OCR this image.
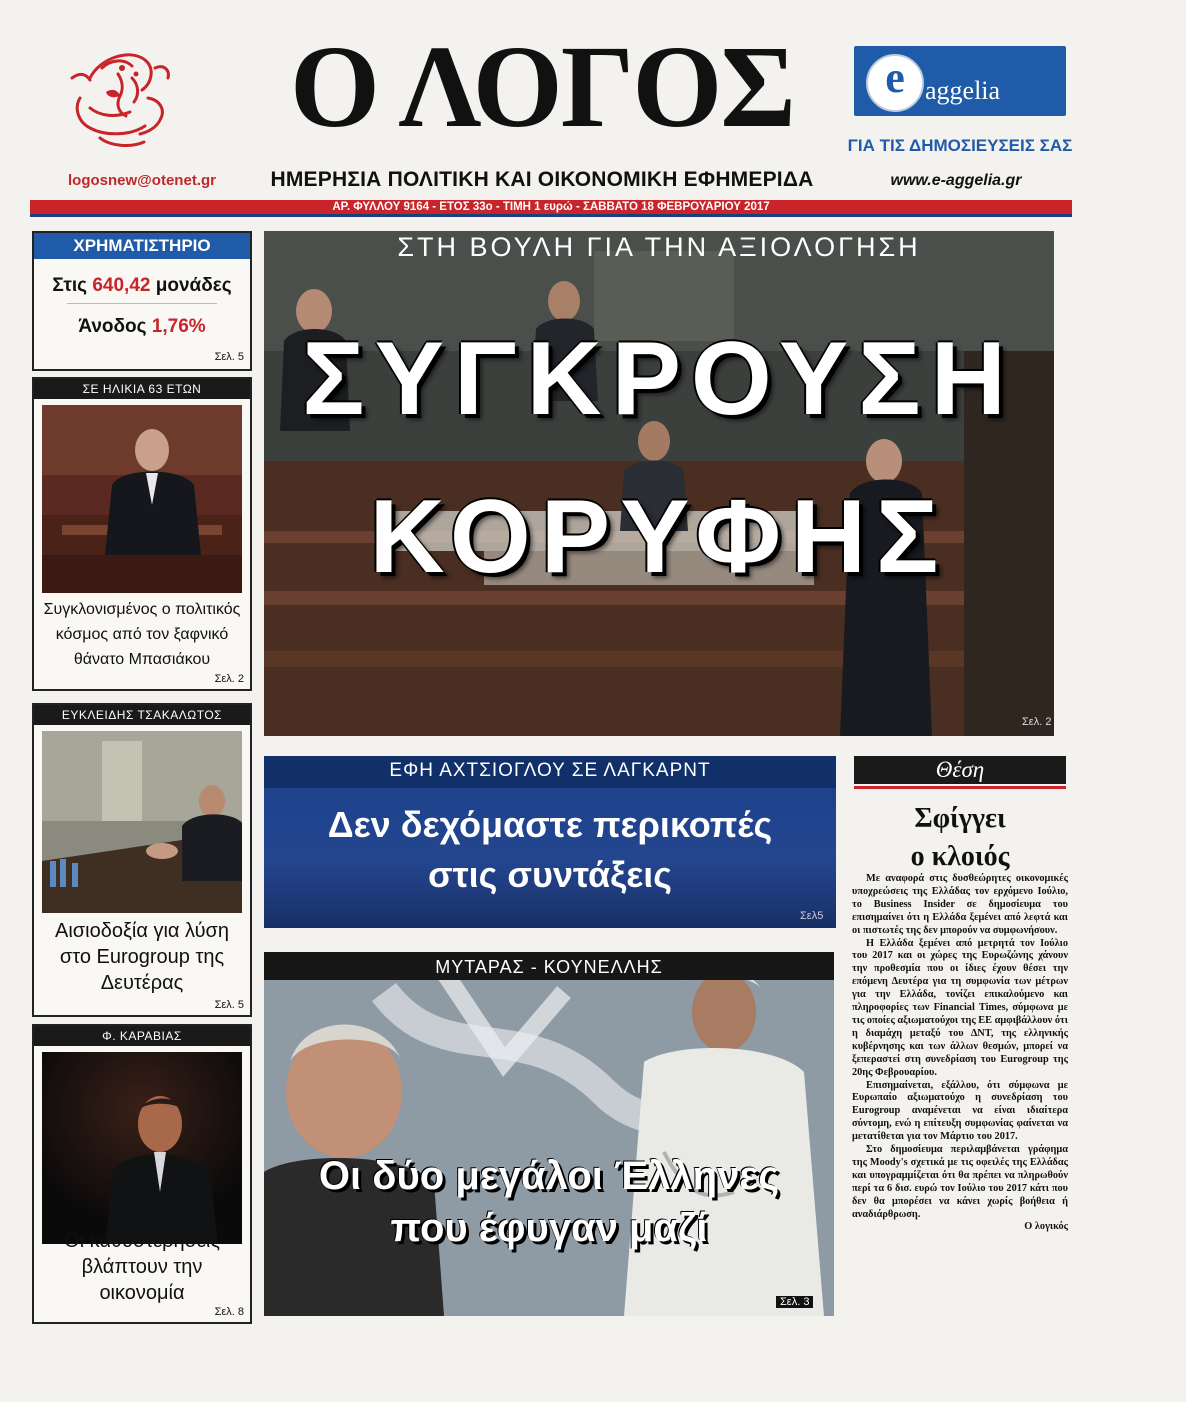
logosnew@otenet.gr
Ο ΛΟΓΟΣ
ΗΜΕΡΗΣΙΑ ΠΟΛΙΤΙΚΗ ΚΑΙ ΟΙΚΟΝΟΜΙΚΗ ΕΦΗΜΕΡΙΔΑ
e aggelia
ΓΙΑ ΤΙΣ ΔΗΜΟΣΙΕΥΣΕΙΣ ΣΑΣ
www.e-aggelia.gr
ΑΡ. ΦΥΛΛΟΥ 9164 - ΕΤΟΣ 33ο - ΤΙΜΗ 1 ευρώ - ΣΑΒΒΑΤΟ 18 ΦΕΒΡΟΥΑΡΙΟΥ 2017
ΧΡΗΜΑΤΙΣΤΗΡΙΟ
Στις 640,42 μονάδες
Άνοδος 1,76%
Σελ. 5
ΣΕ ΗΛΙΚΙΑ 63 ΕΤΩΝ
Συγκλονισμένος ο πολιτικός
κόσμος από τον ξαφνικό
θάνατο Μπασιάκου
Σελ. 2
ΕΥΚΛΕΙΔΗΣ ΤΣΑΚΑΛΩΤΟΣ
Αισιοδοξία για λύση
στο Eurogroup της
Δευτέρας
Σελ. 5
Φ. ΚΑΡΑΒΙΑΣ
Οι καθυστερήσεις
βλάπτουν την
οικονομία
Σελ. 8
ΣΤΗ ΒΟΥΛΗ ΓΙΑ ΤΗΝ ΑΞΙΟΛΟΓΗΣΗ
ΣΥΓΚΡΟΥΣΗ
ΚΟΡΥΦΗΣ
Σελ. 2
ΕΦΗ ΑΧΤΣΙΟΓΛΟΥ ΣΕ ΛΑΓΚΑΡΝΤ
Δεν δεχόμαστε περικοπές
στις συντάξεις
Σελ5
ΜΥΤΑΡΑΣ - ΚΟΥΝΕΛΛΗΣ
Οι δύο μεγάλοι Έλληνες
που έφυγαν μαζί
Σελ. 3
Θέση
Σφίγγει
ο κλοιός

Με αναφορά στις δυσθεώρητες οικονομικές υποχρεώσεις της Ελλάδας τον ερχόμενο Ιούλιο, το Business Insider σε δημοσίευμα του επισημαίνει ότι η Ελλάδα ξεμένει από λεφτά και οι πιστωτές της δεν μπορούν να συμφωνήσουν.

Η Ελλάδα ξεμένει από μετρητά τον Ιούλιο του 2017 και οι χώρες της Ευρωζώνης χάνουν την προθεσμία που οι ίδιες έχουν θέσει την επόμενη Δευτέρα για τη συμφωνία των μέτρων για την Ελλάδα, τονίζει επικαλούμενο και πληροφορίες των Financial Times, σύμφωνα με τις οποίες αξιωματούχοι της ΕΕ αμφιβάλλουν ότι η διαμάχη μεταξύ του ΔΝΤ, της ελληνικής κυβέρνησης και των άλλων θεσμών, μπορεί να ξεπεραστεί στη συνεδρίαση του Eurogroup της 20ης Φεβρουαρίου.

Επισημαίνεται, εξάλλου, ότι σύμφωνα με Ευρωπαίο αξιωματούχο η συνεδρίαση του Eurogroup αναμένεται να είναι ιδιαίτερα σύντομη, ενώ η επίτευξη συμφωνίας φαίνεται να μετατίθεται για τον Μάρτιο του 2017.

Στο δημοσίευμα περιλαμβάνεται γράφημα της Moody's σχετικά με τις οφειλές της Ελλάδας και υπογραμμίζεται ότι θα πρέπει να πληρωθούν περί τα 6 δισ. ευρώ τον Ιούλιο του 2017 κάτι που δεν θα μπορέσει να κάνει χωρίς βοήθεια ή αναδιάρθρωση.

Ο λογικός
